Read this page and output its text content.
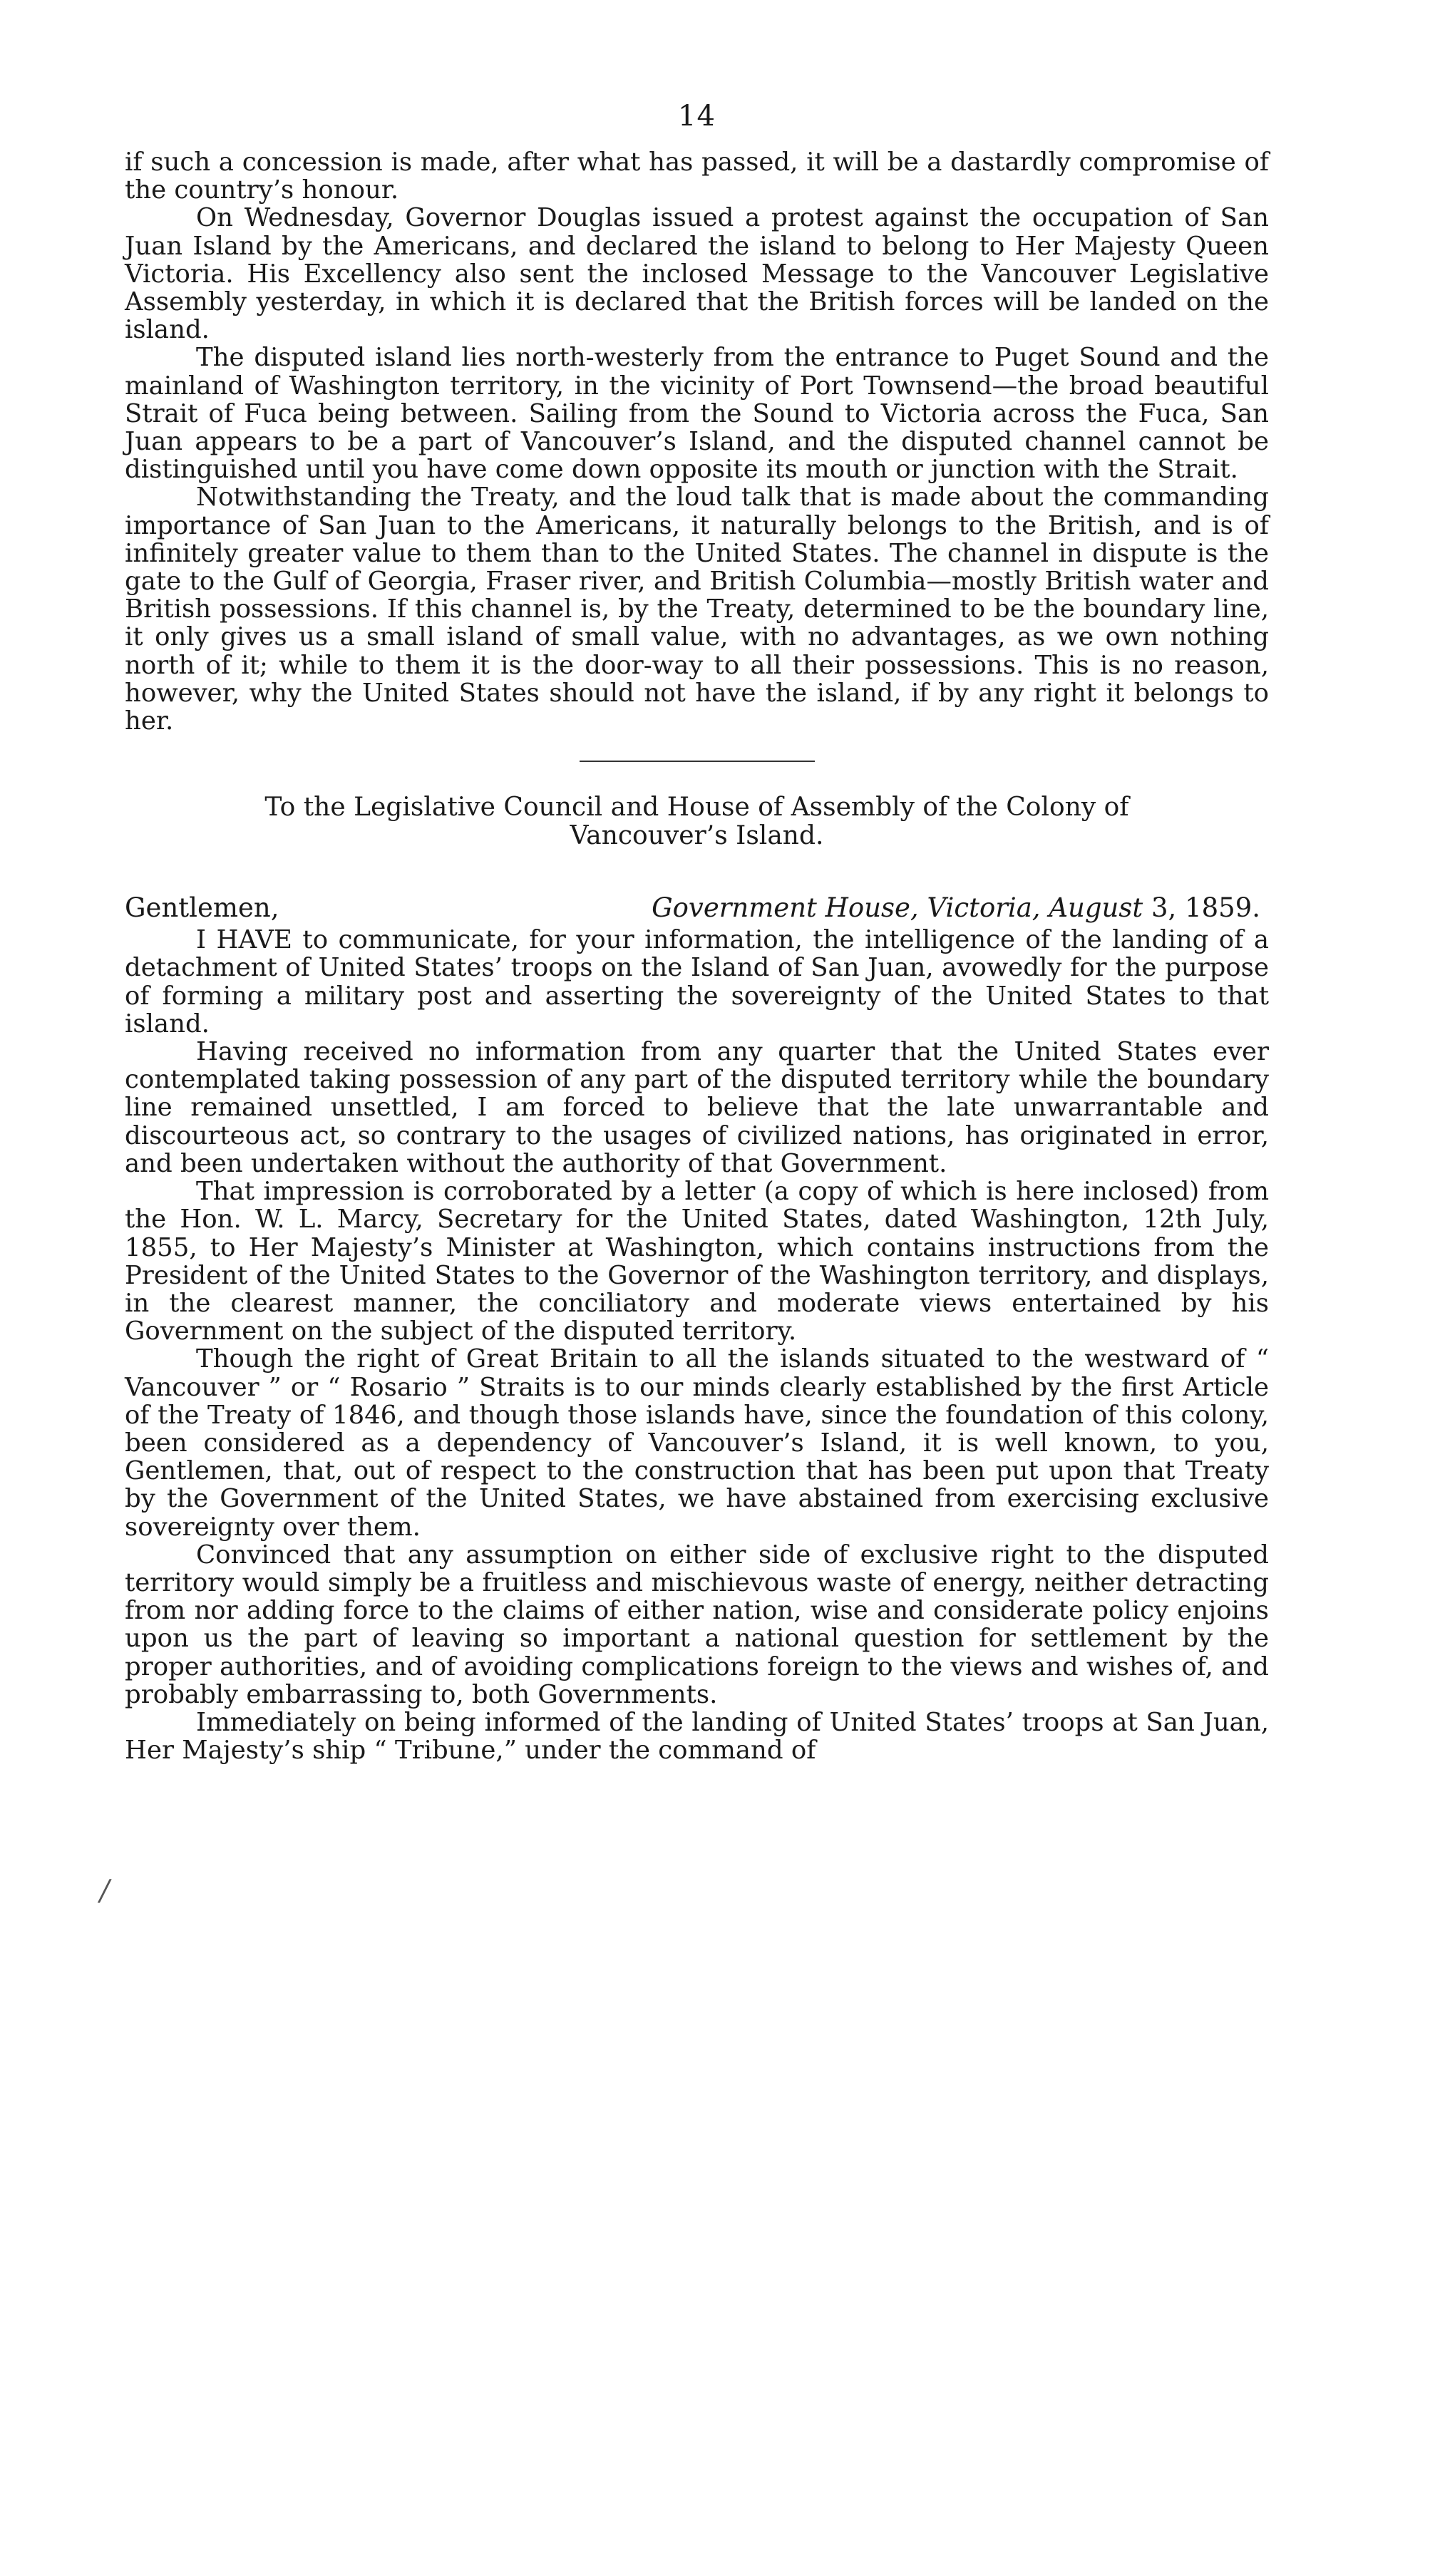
/
14

if such a concession is made, after what has passed, it will be a dastardly compromise of the country’s honour.

On Wednesday, Governor Douglas issued a protest against the occupation of San Juan Island by the Americans, and declared the island to belong to Her Majesty Queen Victoria. His Excellency also sent the inclosed Message to the Vancouver Legislative Assembly yesterday, in which it is declared that the British forces will be landed on the island.

The disputed island lies north-westerly from the entrance to Puget Sound and the mainland of Washington territory, in the vicinity of Port Townsend—the broad beautiful Strait of Fuca being between. Sailing from the Sound to Victoria across the Fuca, San Juan appears to be a part of Vancouver’s Island, and the disputed channel cannot be distinguished until you have come down opposite its mouth or junction with the Strait.

Notwithstanding the Treaty, and the loud talk that is made about the commanding importance of San Juan to the Americans, it naturally belongs to the British, and is of infinitely greater value to them than to the United States. The channel in dispute is the gate to the Gulf of Georgia, Fraser river, and British Columbia—mostly British water and British possessions. If this channel is, by the Treaty, determined to be the boundary line, it only gives us a small island of small value, with no advantages, as we own nothing north of it; while to them it is the door-way to all their possessions. This is no reason, however, why the United States should not have the island, if by any right it belongs to her.

To the Legislative Council and House of Assembly of the Colony of
Vancouver’s Island.
Gentlemen,	Government House, Victoria, August 3, 1859.

I HAVE to communicate, for your information, the intelligence of the landing of a detachment of United States’ troops on the Island of San Juan, avowedly for the purpose of forming a military post and asserting the sovereignty of the United States to that island.

Having received no information from any quarter that the United States ever contemplated taking possession of any part of the disputed territory while the boundary line remained unsettled, I am forced to believe that the late unwarrantable and discourteous act, so contrary to the usages of civilized nations, has originated in error, and been undertaken without the authority of that Government.

That impression is corroborated by a letter (a copy of which is here inclosed) from the Hon. W. L. Marcy, Secretary for the United States, dated Washington, 12th July, 1855, to Her Majesty’s Minister at Washington, which contains instructions from the President of the United States to the Governor of the Washington territory, and displays, in the clearest manner, the conciliatory and moderate views entertained by his Government on the subject of the disputed territory.

Though the right of Great Britain to all the islands situated to the westward of “ Vancouver ” or “ Rosario ” Straits is to our minds clearly established by the first Article of the Treaty of 1846, and though those islands have, since the foundation of this colony, been considered as a dependency of Vancouver’s Island, it is well known, to you, Gentlemen, that, out of respect to the construction that has been put upon that Treaty by the Government of the United States, we have abstained from exercising exclusive sovereignty over them.

Convinced that any assumption on either side of exclusive right to the disputed territory would simply be a fruitless and mischievous waste of energy, neither detracting from nor adding force to the claims of either nation, wise and considerate policy enjoins upon us the part of leaving so important a national question for settlement by the proper authorities, and of avoiding complications foreign to the views and wishes of, and probably embarrassing to, both Governments.

Immediately on being informed of the landing of United States’ troops at San Juan, Her Majesty’s ship “ Tribune,” under the command of
